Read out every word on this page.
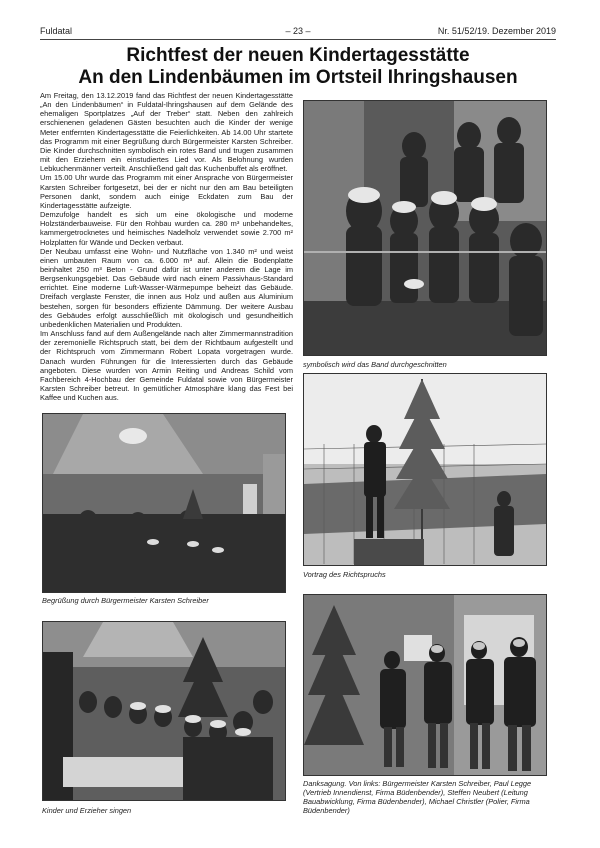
Fuldatal	– 23 –	Nr. 51/52/19. Dezember 2019
Richtfest der neuen Kindertagesstätte
An den Lindenbäumen im Ortsteil Ihringshausen

Am Freitag, den 13.12.2019 fand das Richtfest der neuen Kindertagesstätte „An den Lindenbäumen“ in Fuldatal-Ihringshausen auf dem Gelände des ehemaligen Sportplatzes „Auf der Treber“ statt. Neben den zahlreich erschienenen geladenen Gästen besuchten auch die Kinder der wenige Meter entfernten Kindertagesstätte die Feierlichkeiten. Ab 14.00 Uhr startete das Programm mit einer Begrüßung durch Bürgermeister Karsten Schreiber. Die Kinder durchschnitten symbolisch ein rotes Band und trugen zusammen mit den Erziehern ein einstudiertes Lied vor. Als Belohnung wurden Lebkuchenmänner verteilt. Anschließend galt das Kuchenbuffet als eröffnet.

Um 15.00 Uhr wurde das Programm mit einer Ansprache von Bürgermeister Karsten Schreiber fortgesetzt, bei der er nicht nur den am Bau beteiligten Personen dankt, sondern auch einige Eckdaten zum Bau der Kindertagesstätte aufzeigte.

Demzufolge handelt es sich um eine ökologische und moderne Holzständerbauweise. Für den Rohbau wurden ca. 280 m³ unbehandeltes, kammergetrocknetes und heimisches Nadelholz verwendet sowie 2.700 m² Holzplatten für Wände und Decken verbaut.

Der Neubau umfasst eine Wohn- und Nutzfläche von 1.340 m² und weist einen umbauten Raum von ca. 6.000 m³ auf. Allein die Bodenplatte beinhaltet 250 m³ Beton - Grund dafür ist unter anderem die Lage im Bergsenkungsgebiet. Das Gebäude wird nach einem Passivhaus-Standard errichtet. Eine moderne Luft-Wasser-Wärmepumpe beheizt das Gebäude. Dreifach verglaste Fenster, die innen aus Holz und außen aus Aluminium bestehen, sorgen für besonders effiziente Dämmung. Der weitere Ausbau des Gebäudes erfolgt ausschließlich mit ökologisch und gesundheitlich unbedenklichen Materialien und Produkten.

Im Anschluss fand auf dem Außengelände nach alter Zimmermannstradition der zeremonielle Richtspruch statt, bei dem der Richtbaum aufgestellt und der Richtspruch vom Zimmermann Robert Lopata vorgetragen wurde. Danach wurden Führungen für die Interessierten durch das Gebäude angeboten. Diese wurden von Armin Reiting und Andreas Schild vom Fachbereich 4-Hochbau der Gemeinde Fuldatal sowie von Bürgermeister Karsten Schreiber betreut. In gemütlicher Atmosphäre klang das Fest bei Kaffee und Kuchen aus.

symbolisch wird das Band durchgeschnitten
Begrüßung durch Bürgermeister Karsten Schreiber
Vortrag des Richtspruchs
Kinder und Erzieher singen
Danksagung. Von links: Bürgermeister Karsten Schreiber, Paul Legge (Vertrieb Innendienst, Firma Büdenbender), Steffen Neubert (Leitung Bauabwicklung, Firma Büdenbender), Michael Christler (Polier, Firma Büdenbender)
